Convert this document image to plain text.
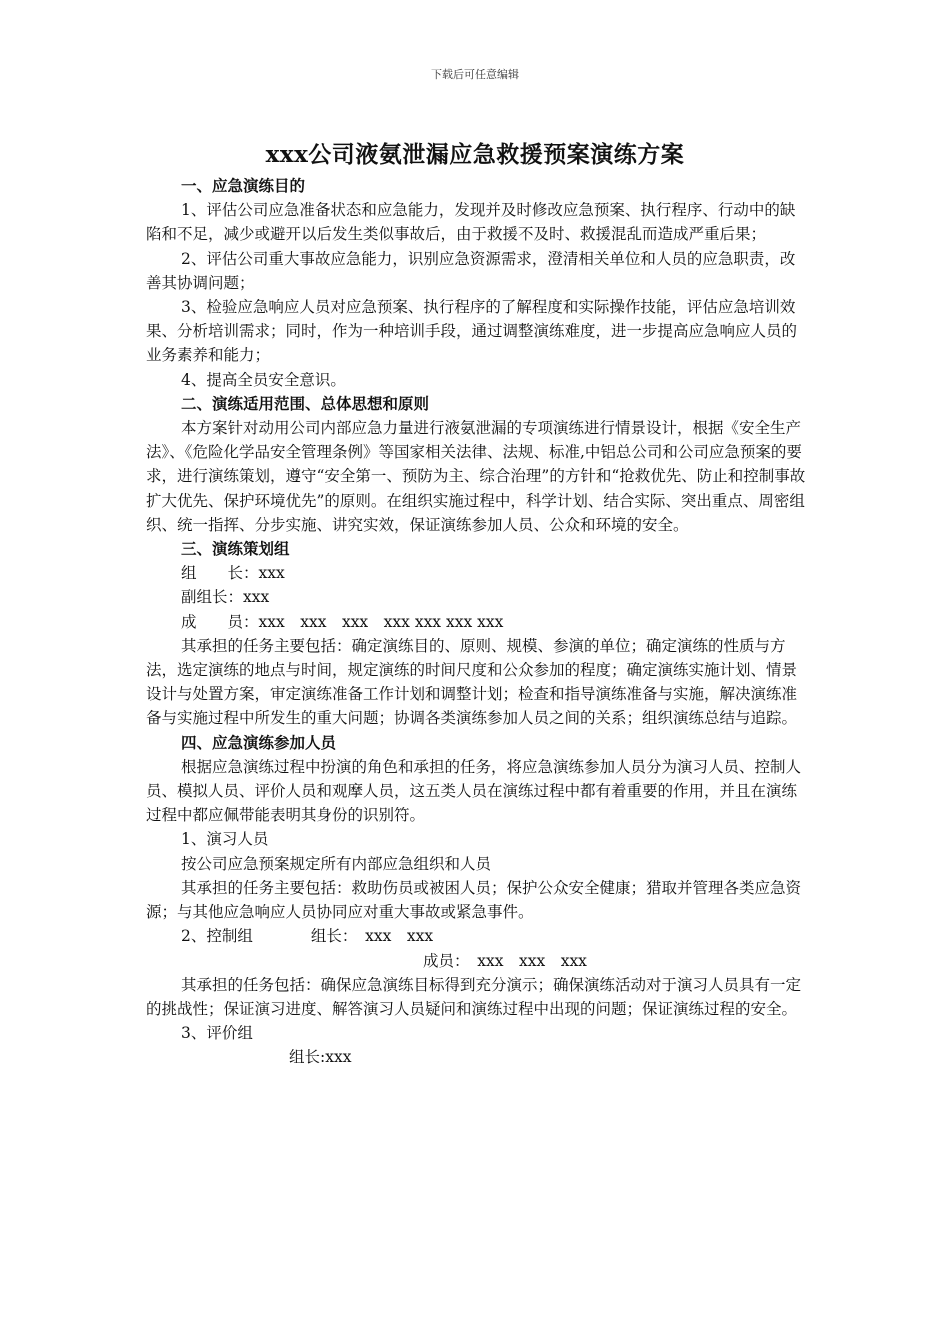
下载后可任意编辑
xxx公司液氨泄漏应急救援预案演练方案

一、应急演练目的

1、评估公司应急准备状态和应急能力，发现并及时修改应急预案、执行程序、行动中的缺陷和不足，减少或避开以后发生类似事故后，由于救援不及时、救援混乱而造成严重后果；

2、评估公司重大事故应急能力，识别应急资源需求，澄清相关单位和人员的应急职责，改善其协调问题；

3、检验应急响应人员对应急预案、执行程序的了解程度和实际操作技能，评估应急培训效果、分析培训需求；同时，作为一种培训手段，通过调整演练难度，进一步提高应急响应人员的业务素养和能力；

4、提高全员安全意识。

二、演练适用范围、总体思想和原则

本方案针对动用公司内部应急力量进行液氨泄漏的专项演练进行情景设计，根据《安全生产法》、《危险化学品安全管理条例》等国家相关法律、法规、标准,中铝总公司和公司应急预案的要求，进行演练策划，遵守“安全第一、预防为主、综合治理”的方针和“抢救优先、防止和控制事故扩大优先、保护环境优先”的原则。在组织实施过程中，科学计划、结合实际、突出重点、周密组织、统一指挥、分步实施、讲究实效，保证演练参加人员、公众和环境的安全。

三、演练策划组

组　　长：xxx

副组长：xxx

成　　员：xxx　xxx　xxx　xxx xxx xxx xxx

其承担的任务主要包括：确定演练目的、原则、规模、参演的单位；确定演练的性质与方法，选定演练的地点与时间，规定演练的时间尺度和公众参加的程度；确定演练实施计划、情景设计与处置方案，审定演练准备工作计划和调整计划；检查和指导演练准备与实施，解决演练准备与实施过程中所发生的重大问题；协调各类演练参加人员之间的关系；组织演练总结与追踪。

四、应急演练参加人员

根据应急演练过程中扮演的角色和承担的任务，将应急演练参加人员分为演习人员、控制人员、模拟人员、评价人员和观摩人员，这五类人员在演练过程中都有着重要的作用，并且在演练过程中都应佩带能表明其身份的识别符。

1、演习人员

按公司应急预案规定所有内部应急组织和人员

其承担的任务主要包括：救助伤员或被困人员；保护公众安全健康；猎取并管理各类应急资源；与其他应急响应人员协同应对重大事故或紧急事件。

2、控制组	组长：　xxx　xxx

成员：　xxx　xxx　xxx

其承担的任务包括：确保应急演练目标得到充分演示；确保演练活动对于演习人员具有一定的挑战性；保证演习进度、解答演习人员疑问和演练过程中出现的问题；保证演练过程的安全。

3、评价组

组长:xxx
